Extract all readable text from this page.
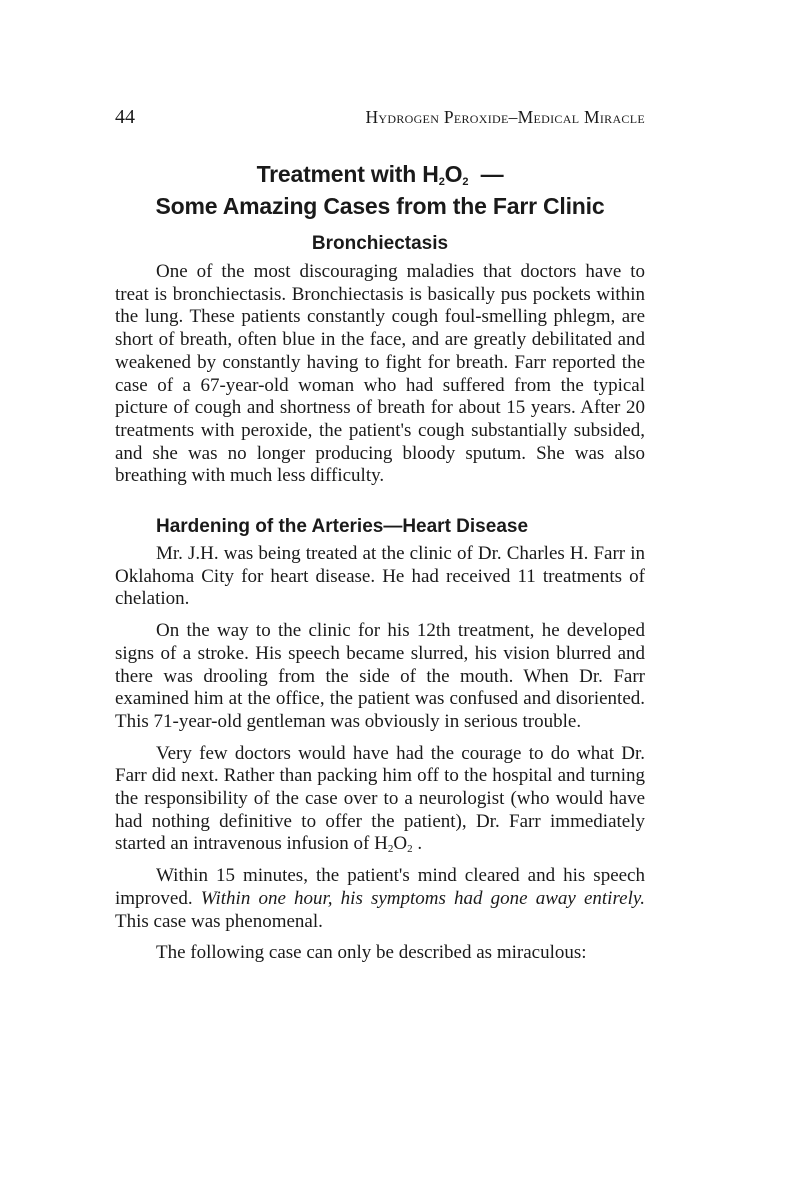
44	Hydrogen Peroxide–Medical Miracle
Treatment with $H_2O_2$  —
Some Amazing Cases from the Farr Clinic
Bronchiectasis

One of the most discouraging maladies that doctors have to treat is bronchiectasis. Bronchiectasis is basically pus pockets within the lung. These patients constantly cough foul-smelling phlegm, are short of breath, often blue in the face, and are greatly debilitated and weakened by constantly having to fight for breath. Farr reported the case of a 67-year-old woman who had suffered from the typical picture of cough and shortness of breath for about 15 years. After 20 treatments with peroxide, the patient's cough substantially subsided, and she was no longer producing bloody sputum. She was also breathing with much less difficulty.

Hardening of the Arteries—Heart Disease

Mr. J.H. was being treated at the clinic of Dr. Charles H. Farr in Oklahoma City for heart disease. He had received 11 treatments of chelation.

On the way to the clinic for his 12th treatment, he developed signs of a stroke. His speech became slurred, his vision blurred and there was drooling from the side of the mouth. When Dr. Farr examined him at the office, the patient was confused and disoriented. This 71-year-old gentleman was obviously in serious trouble.

Very few doctors would have had the courage to do what Dr. Farr did next. Rather than packing him off to the hospital and turning the responsibility of the case over to a neurologist (who would have had nothing definitive to offer the patient), Dr. Farr immediately started an intravenous infusion of $H_2O_2$ .

Within 15 minutes, the patient's mind cleared and his speech improved. Within one hour, his symptoms had gone away entirely.  This case was phenomenal.

The following case can only be described as miraculous:
